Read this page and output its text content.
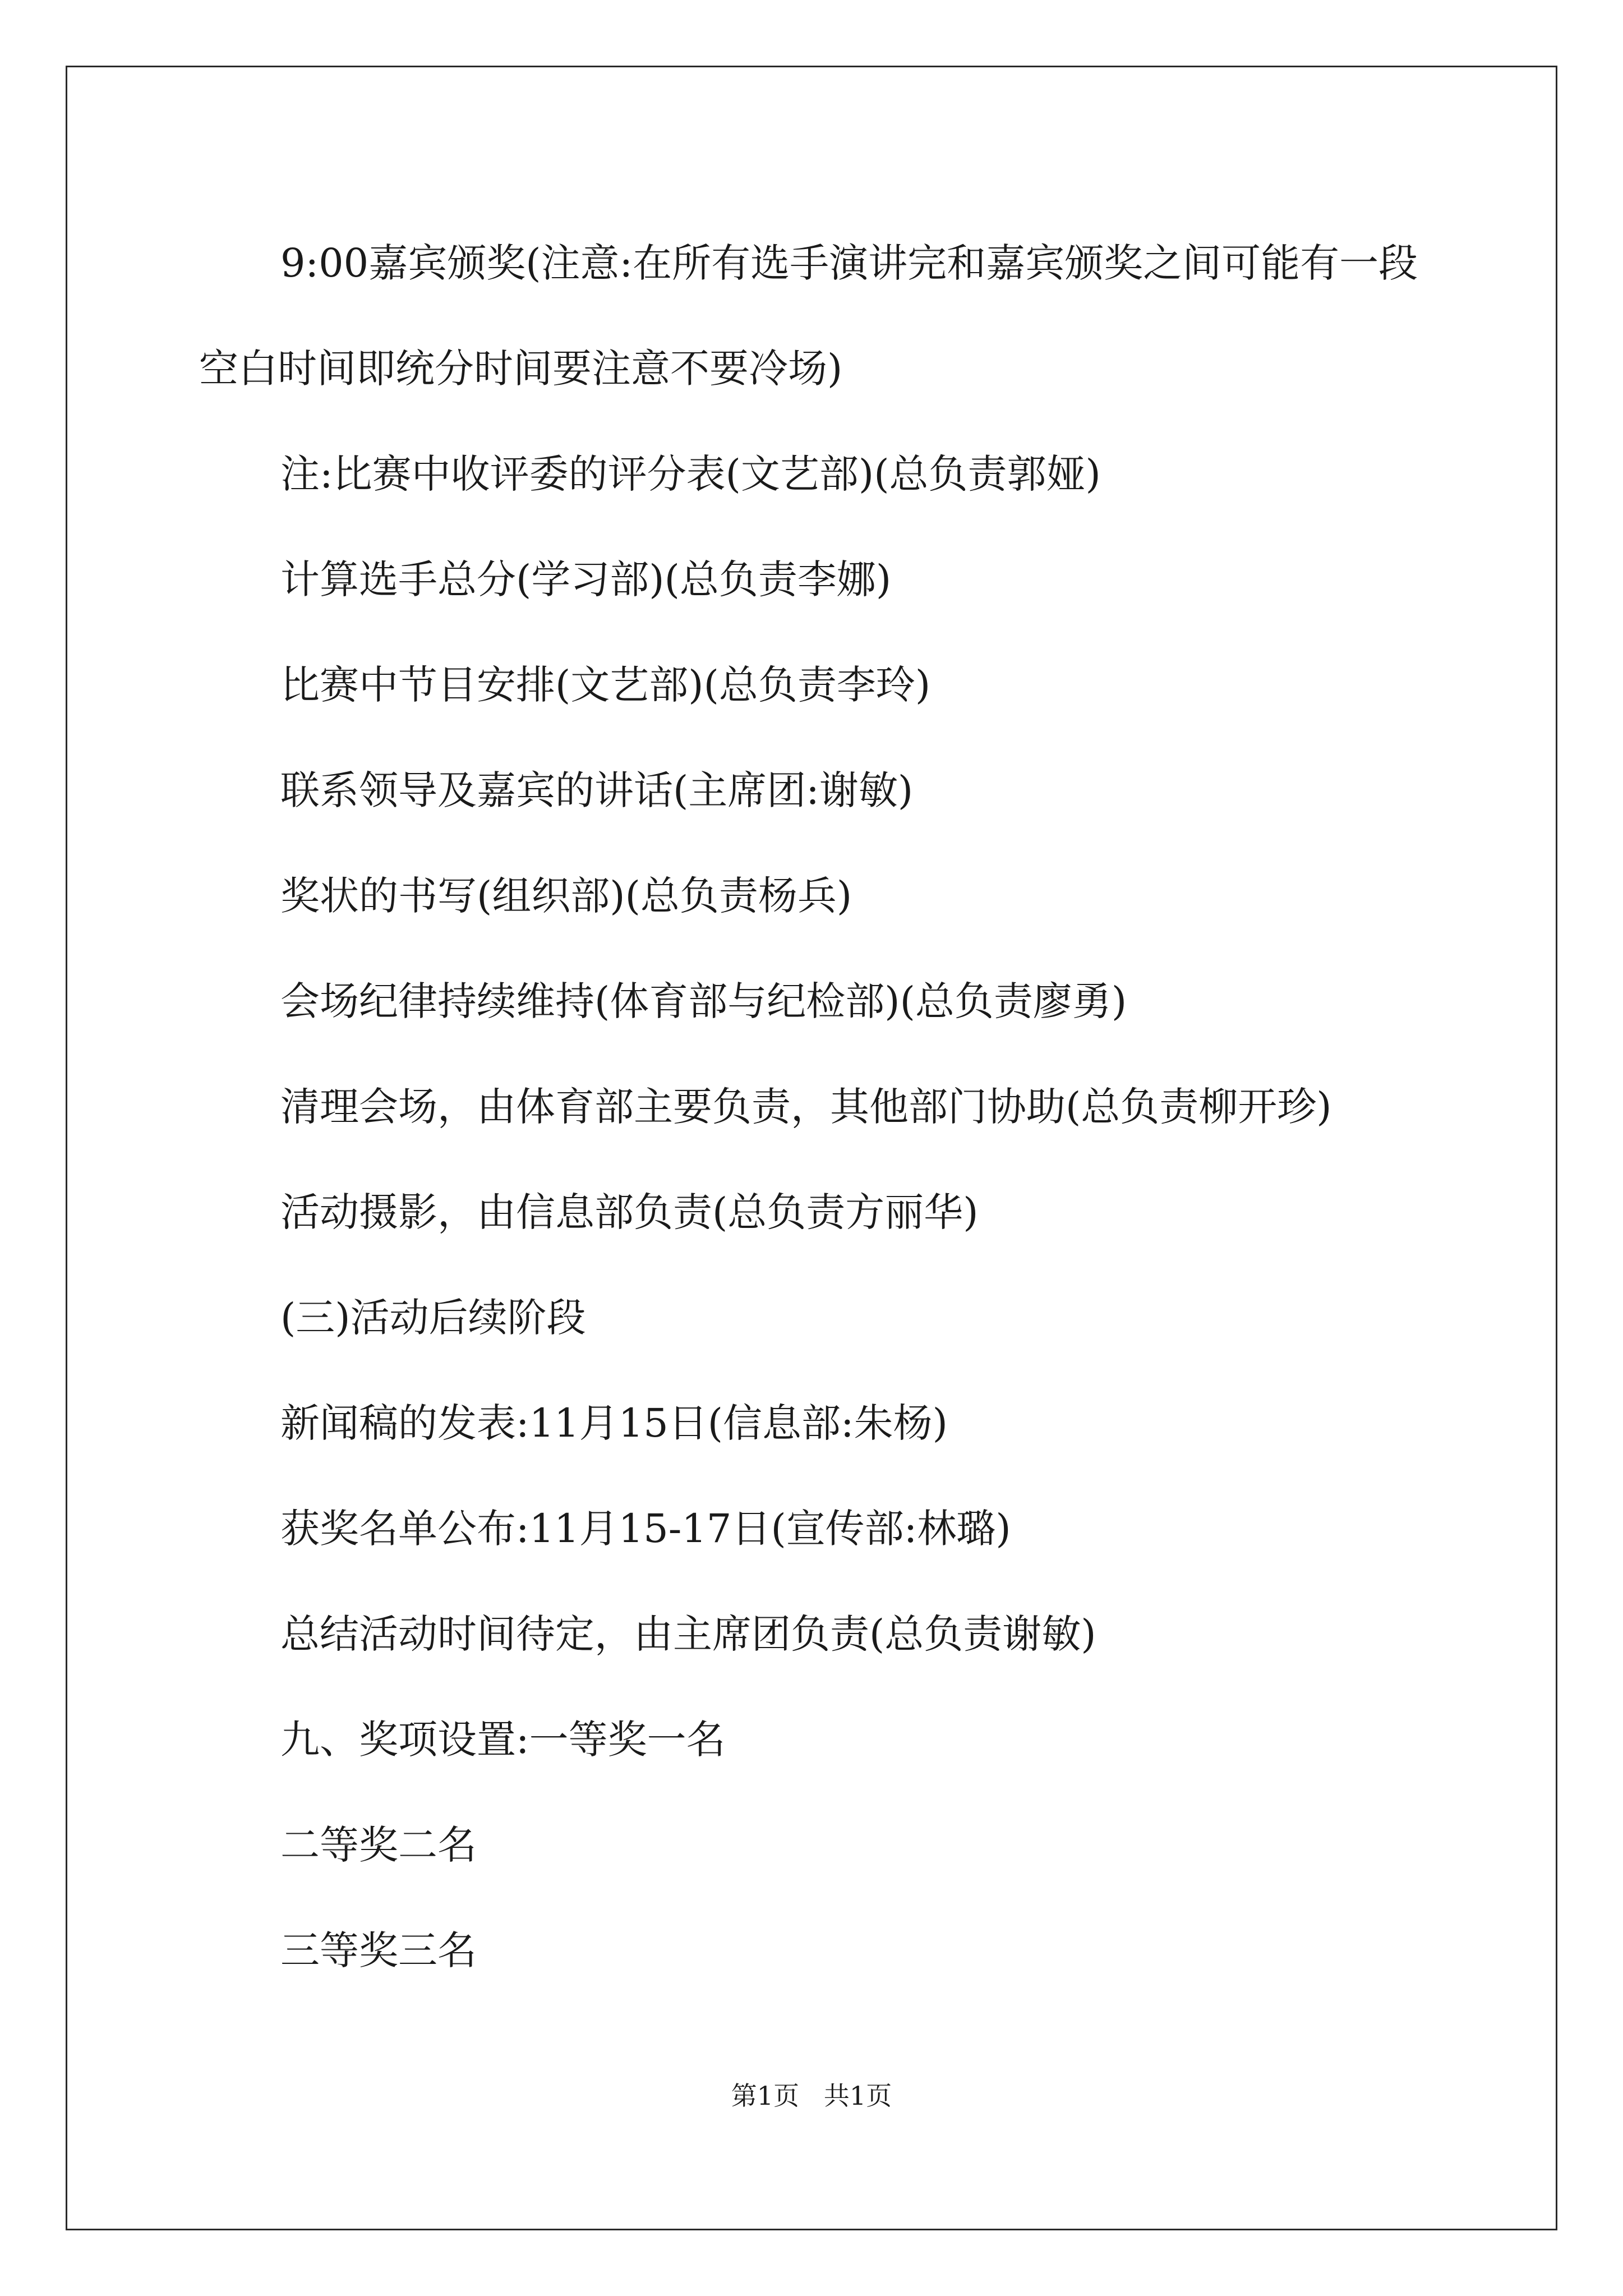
9:00嘉宾颁奖(注意:在所有选手演讲完和嘉宾颁奖之间可能有一段空白时间即统分时间要注意不要冷场)

注:比赛中收评委的评分表(文艺部)(总负责郭娅)

计算选手总分(学习部)(总负责李娜)

比赛中节目安排(文艺部)(总负责李玲)

联系领导及嘉宾的讲话(主席团:谢敏)

奖状的书写(组织部)(总负责杨兵)

会场纪律持续维持(体育部与纪检部)(总负责廖勇)

清理会场，由体育部主要负责，其他部门协助(总负责柳开珍)

活动摄影，由信息部负责(总负责方丽华)

(三)活动后续阶段

新闻稿的发表:11月15日(信息部:朱杨)

获奖名单公布:11月15-17日(宣传部:林璐)

总结活动时间待定，由主席团负责(总负责谢敏)

九、奖项设置:一等奖一名

二等奖二名

三等奖三名

第1页   共1页
